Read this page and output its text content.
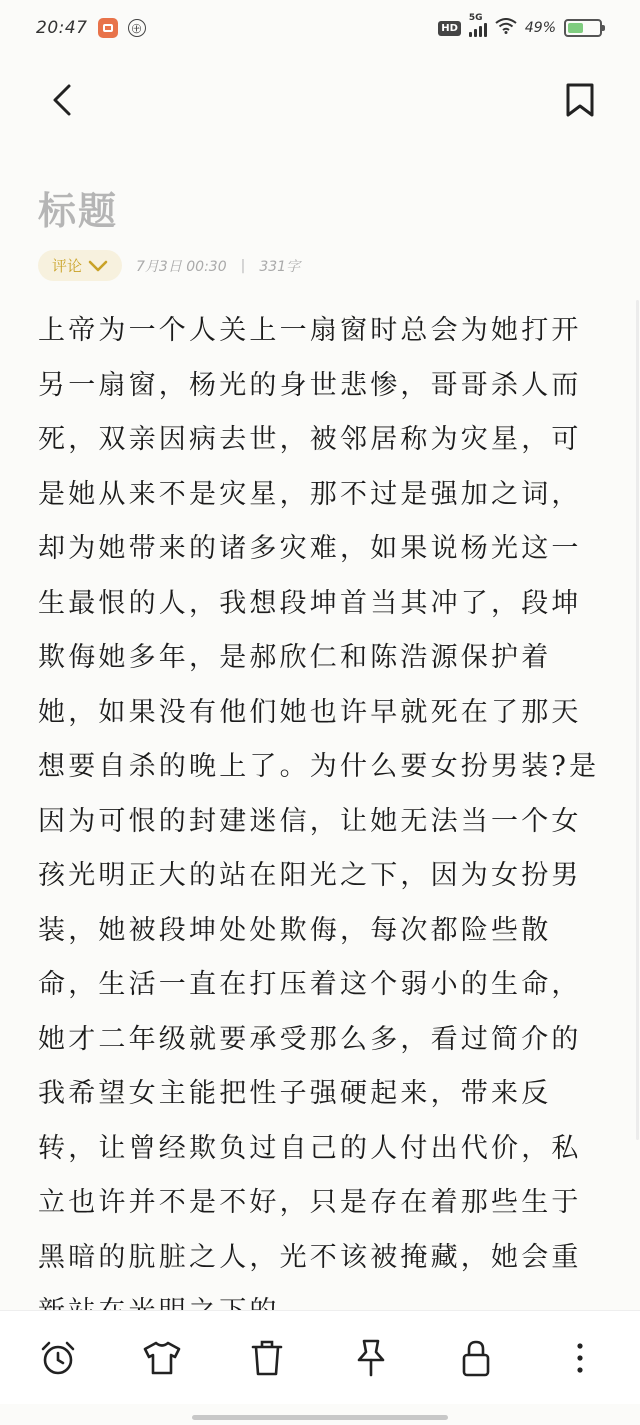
20:47	㊉	HD
5G
49%
标题
评论	7月3日 00:30 | 331字
上帝为一个人关上一扇窗时总会为她打开另一扇窗，杨光的身世悲惨，哥哥杀人而死，双亲因病去世，被邻居称为灾星，可是她从来不是灾星，那不过是强加之词，却为她带来的诸多灾难，如果说杨光这一生最恨的人，我想段坤首当其冲了，段坤欺侮她多年，是郝欣仁和陈浩源保护着她，如果没有他们她也许早就死在了那天想要自杀的晚上了。为什么要女扮男装?是因为可恨的封建迷信，让她无法当一个女孩光明正大的站在阳光之下，因为女扮男装，她被段坤处处欺侮，每次都险些散命，生活一直在打压着这个弱小的生命，她才二年级就要承受那么多，看过简介的我希望女主能把性子强硬起来，带来反转，让曾经欺负过自己的人付出代价，私立也许并不是不好，只是存在着那些生于黑暗的肮脏之人，光不该被掩藏，她会重
